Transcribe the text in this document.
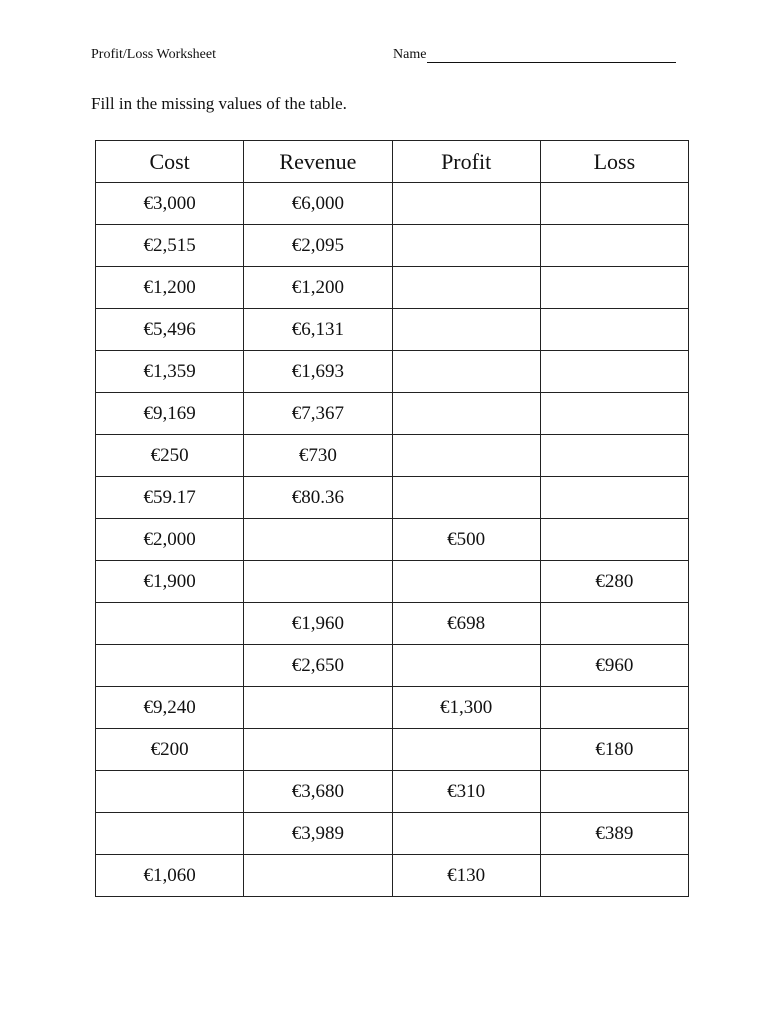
Profit/Loss Worksheet	Name
Fill in the missing values of the table.
Cost	Revenue	Profit	Loss
€3,000	€6,000		
€2,515	€2,095		
€1,200	€1,200		
€5,496	€6,131		
€1,359	€1,693		
€9,169	€7,367		
€250	€730		
€59.17	€80.36		
€2,000		€500	
€1,900			€280
	€1,960	€698	
	€2,650		€960
€9,240		€1,300	
€200			€180
	€3,680	€310	
	€3,989		€389
€1,060		€130	
